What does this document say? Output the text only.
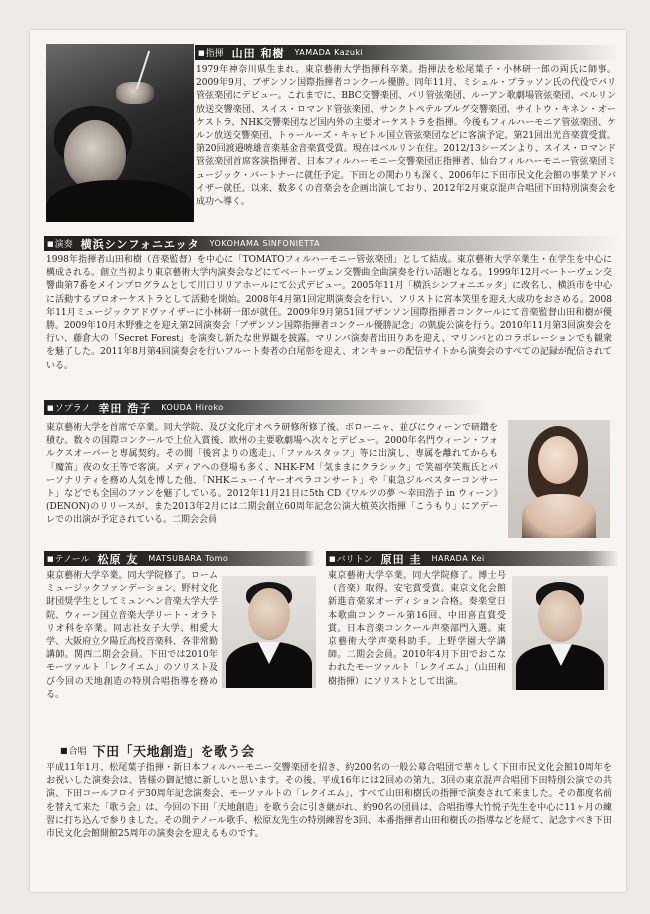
■ 指揮 山田 和樹 YAMADA Kazuki

1979年神奈川県生まれ。東京藝術大学指揮科卒業。指揮法を松尾葉子・小林研一郎の両氏に師事。2009年9月、ブザンソン国際指揮者コンクール優勝。同年11月、ミシェル・プラッソン氏の代役でパリ管弦楽団にデビュー。これまでに、BBC交響楽団、パリ管弦楽団、ルーアン歌劇場管弦楽団、ベルリン放送交響楽団、スイス・ロマンド管弦楽団、サンクトペテルブルグ交響楽団、サイトウ・キネン・オーケストラ、NHK交響楽団など国内外の主要オーケストラを指揮。今後もフィルハーモニア管弦楽団、ケルン放送交響楽団、トゥールーズ・キャピトル国立管弦楽団などに客演予定。第21回出光音楽賞受賞。第20回渡邉曉雄音楽基金音楽賞受賞。現在はベルリン在住。2012/13シーズンより、スイス・ロマンド管弦楽団首席客演指揮者、日本フィルハーモニー交響楽団正指揮者、仙台フィルハーモニー管弦楽団ミュージック・パートナーに就任予定。下田との関わりも深く、2006年に下田市民文化会館の事業アドバイザー就任。以来、数多くの音楽会を企画出演しており、2012年2月東京混声合唱団下田特別演奏会を成功へ導く。

■ 演奏 横浜シンフォニエッタ YOKOHAMA SINFONIETTA

1998年指揮者山田和樹（音楽監督）を中心に「TOMATOフィルハーモニー管弦楽団」として結成。東京藝術大学卒業生・在学生を中心に構成される。創立当初より東京藝術大学内演奏会などにてベートーヴェン交響曲全曲演奏を行い話題となる。1999年12月ベートーヴェン交響曲第7番をメインプログラムとして川口リリアホールにて公式デビュー。2005年11月「横浜シンフォニエッタ」に改名し、横浜市を中心に活動するプロオーケストラとして活動を開始。2008年4月第1回定期演奏会を行い、ソリストに宮本笑里を迎え大成功をおさめる。2008年11月ミュージックアドヴァイザーに小林研一郎が就任。2009年9月第51回ブザンソン国際指揮者コンクールにて音楽監督山田和樹が優勝。2009年10月木野雅之を迎え第2回演奏会「ブザンソン国際指揮者コンクール優勝記念」の凱旋公演を行う。2010年11月第3回演奏会を行い、藤倉大の「Secret Forest」を演奏し新たな世界観を披露。マリンバ演奏者出田りあを迎え、マリンバとのコラボレーションでも観衆を魅了した。2011年8月第4回演奏会を行いフルート奏者の白尾彰を迎え、オンキョーの配信サイトから演奏会のすべての記録が配信されている。

■ ソプラノ 幸田 浩子 KOUDA Hiroko

東京藝術大学を首席で卒業。同大学院、及び文化庁オペラ研修所修了後、ボローニャ、並びにウィーンで研鑽を積む。数々の国際コンクールで上位入賞後、欧州の主要歌劇場へ次々とデビュー。2000年名門ウィーン・フォルクスオーパーと専属契約。その間「後宮よりの逃走」、「ファルスタッフ」等に出演し、専属を離れてからも「魔笛」夜の女王等で客演。メディアへの登場も多く、NHK-FM「気ままにクラシック」で笑福亭笑瓶氏とパーソナリティを務め人気を博した他、「NHKニューイヤーオペラコンサート」や「東急ジルベスターコンサート」などでも全国のファンを魅了している。2012年11月21日に5th CD《ワルツの夢 ～幸田浩子 in ウィーン》(DENON)のリリースが、また2013年2月には二期会創立60周年記念公演大植英次指揮「こうもり」にアデーレでの出演が予定されている。二期会会員

■ テノール 松原 友 MATSUBARA Tomo

東京藝術大学卒業。同大学院修了。ロームミュージックファンデーション、野村文化財団奨学生としてミュンヘン音楽大学大学院、ウィーン国立音楽大学リート・オラトリオ科を卒業。同志社女子大学、相愛大学、大阪府立夕陽丘高校音楽科、各非常勤講師。関西二期会会員。下田では2010年モーツァルト「レクイエム」のソリスト及び今回の天地創造の特別合唱指導を務める。

■ バリトン 原田 圭 HARADA Kei

東京藝術大学卒業。同大学院修了。博士号（音楽）取得。安宅賞受賞。東京文化会館新進音楽家オーディション合格。奏楽堂日本歌曲コンクール第16回、中田喜直賞受賞。日本音楽コンクール声楽部門入選。東京藝術大学声楽科助手。上野学園大学講師。二期会会員。2010年4月下田でおこなわれたモーツァルト「レクイエム」（山田和樹指揮）にソリストとして出演。

■ 合唱 下田「天地創造」を歌う会

平成11年1月、松尾葉子指揮・新日本フィルハーモニー交響楽団を招き、約200名の一般公募合唱団で華々しく下田市民文化会館10周年をお祝いした演奏会は、皆様の御記憶に新しいと思います。その後、平成16年には2回めの第九、3回の東京混声合唱団下田特別公演での共演、下田コールフロイデ30周年記念演奏会、モーツァルトの「レクイエム」、すべて山田和樹氏の指揮で演奏されて来ました。その都度名前を替えて来た「歌う会」は、今回の下田「天地創造」を歌う会に引き継がれ、約90名の団員は、合唱指導大竹悦子先生を中心に11ヶ月の練習に打ち込んで参りました。その間テノール歌手、松原友先生の特別練習を3回、本番指揮者山田和樹氏の指導などを経て、記念すべき下田市民文化会館開館25周年の演奏会を迎えるものです。
